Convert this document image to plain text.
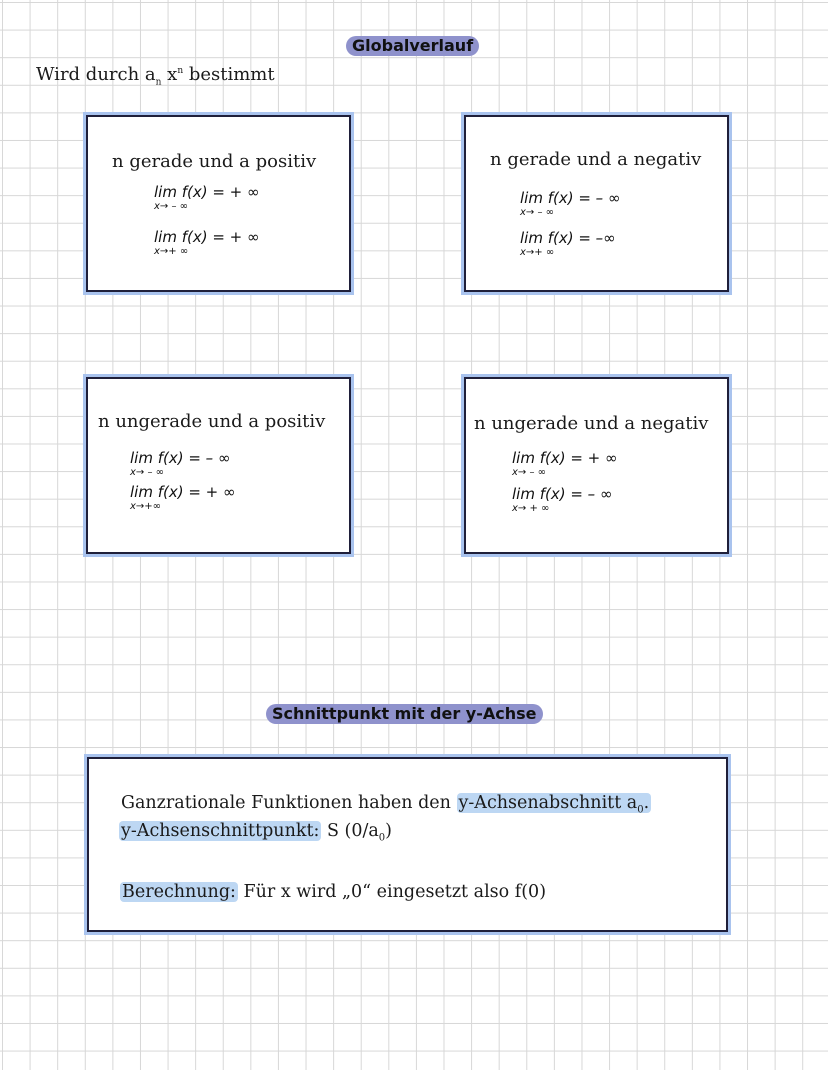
Globalverlauf
Wird durch $a_n$ $x^n$ bestimmt
n gerade und a positiv
lim f(x) = + ∞
x→ – ∞
lim f(x) = + ∞
x→+ ∞
n gerade und a negativ
lim f(x) = – ∞
x→ – ∞
lim f(x) = –∞
x→+ ∞
n ungerade und a positiv
lim f(x) = – ∞
x→ – ∞
lim f(x) = + ∞
x→+∞
n ungerade und a negativ
lim f(x) = + ∞
x→ – ∞
lim f(x) = – ∞
x→ + ∞
Schnittpunkt mit der y-Achse
Ganzrationale Funktionen haben den y-Achsenabschnitt $a_0$.
y-Achsenschnittpunkt: S $(0/a_0)$
Berechnung: Für x wird „0“ eingesetzt also f(0)
